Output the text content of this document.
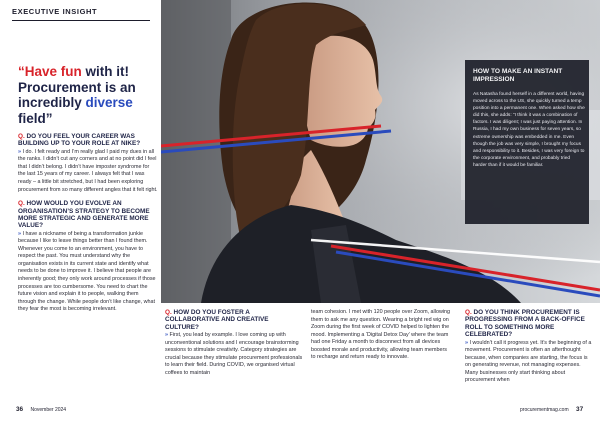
EXECUTIVE INSIGHT
“Have fun with it! Procurement is an incredibly diverse field”
Q. DO YOU FEEL YOUR CAREER WAS BUILDING UP TO YOUR ROLE AT NIKE?
» I do. I felt ready and I’m really glad I paid my dues in all the ranks. I didn’t cut any corners and at no point did I feel that I didn’t belong. I didn’t have imposter syndrome for the last 15 years of my career. I always felt that I was ready – a little bit stretched, but I had been exploring procurement from so many different angles that it felt right.
Q. HOW WOULD YOU EVOLVE AN ORGANISATION’S STRATEGY TO BECOME MORE STRATEGIC AND GENERATE MORE VALUE?
» I have a nickname of being a transformation junkie because I like to leave things better than I found them. Whenever you come to an environment, you have to respect the past. You must understand why the organisation exists in its current state and identify what needs to be done to improve it. I believe that people are inherently good; they only work around processes if those processes are too cumbersome. You need to chart the future vision and explain it to people, walking them through the change. While people don’t like change, what they fear the most is becoming irrelevant.
HOW TO MAKE AN INSTANT IMPRESSION
As Natasha found herself in a different world, having moved across to the US, she quickly turned a temp position into a permanent one. When asked how she did this, she adds: “I think it was a combination of factors. I was diligent; I was just paying attention. In Russia, I had my own business for seven years, so extreme ownership was embedded in me. Even though the job was very simple, I brought my focus and responsibility to it. Besides, I was very foreign to the corporate environment, and probably tried harder than if it would be familiar.
Q. HOW DO YOU FOSTER A COLLABORATIVE AND CREATIVE CULTURE?
» First, you lead by example. I love coming up with unconventional solutions and I encourage brainstorming sessions to stimulate creativity. Category strategies are crucial because they stimulate procurement professionals to learn their field. During COVID, we organised virtual coffees to maintain
team cohesion. I met with 120 people over Zoom, allowing them to ask me any question. Wearing a bright red wig on Zoom during the first week of COVID helped to lighten the mood. Implementing a ‘Digital Detox Day’ where the team had one Friday a month to disconnect from all devices boosted morale and productivity, allowing team members to recharge and return ready to innovate.
Q. DO YOU THINK PROCUREMENT IS PROGRESSING FROM A BACK-OFFICE ROLL TO SOMETHING MORE CELEBRATED?
» I wouldn’t call it progress yet. It’s the beginning of a movement. Procurement is often an afterthought because, when companies are starting, the focus is on generating revenue, not managing expenses. Many businesses only start thinking about procurement when
36 November 2024	procurementmag.com 37
